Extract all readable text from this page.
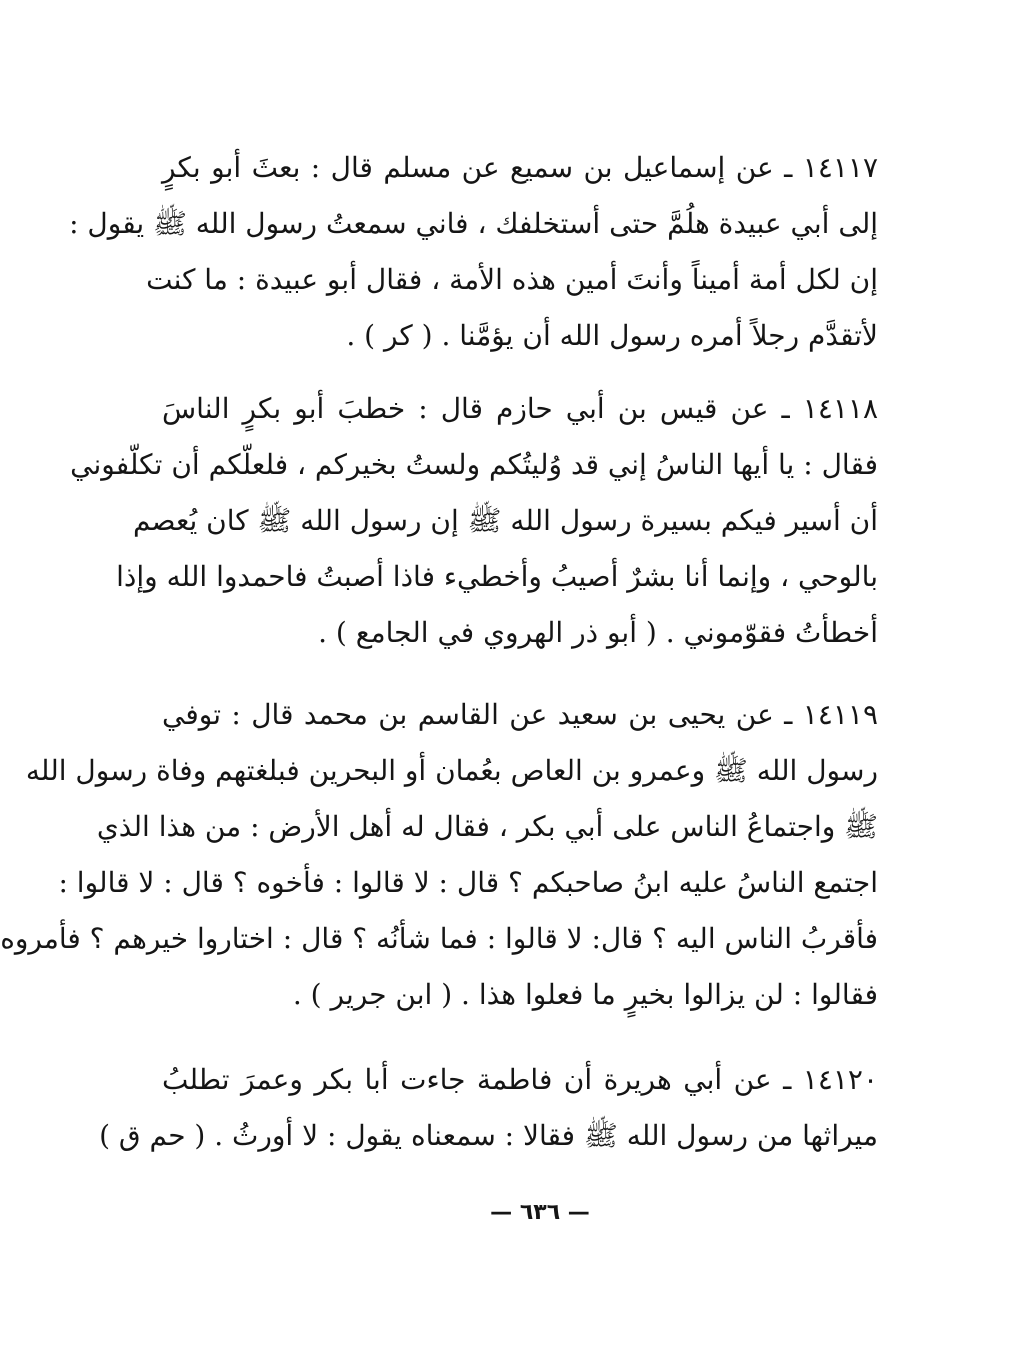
١٤١١٧ ـ عن إسماعيل بن سميع عن مسلم قال : بعثَ أبو بكرٍ
إلى أبي عبيدة هلُمَّ حتى أستخلفك ، فاني سمعتُ رسول الله ﷺ يقول :
إن لكل أمة أميناً وأنتَ أمين هذه الأمة ، فقال أبو عبيدة : ما كنت
لأتقدَّم رجلاً أمره رسول الله أن يؤمَّنا . ( كر ) .
١٤١١٨ ـ عن قيس بن أبي حازم قال : خطبَ أبو بكرٍ الناسَ
فقال : يا أيها الناسُ إني قد وُليتُكم ولستُ بخيركم ، فلعلّكم أن تكلّفوني
أن أسير فيكم بسيرة رسول الله ﷺ إن رسول الله ﷺ كان يُعصم
بالوحي ، وإنما أنا بشرٌ أصيبُ وأخطيء فاذا أصبتُ فاحمدوا الله وإذا
أخطأتُ فقوّموني . ( أبو ذر الهروي في الجامع ) .
١٤١١٩ ـ عن يحيى بن سعيد عن القاسم بن محمد قال : توفي
رسول الله ﷺ وعمرو بن العاص بعُمان أو البحرين فبلغتهم وفاة رسول الله
ﷺ واجتماعُ الناس على أبي بكر ، فقال له أهل الأرض : من هذا الذي
اجتمع الناسُ عليه ابنُ صاحبكم ؟ قال : لا قالوا : فأخوه ؟ قال : لا قالوا :
فأقربُ الناس اليه ؟ قال: لا قالوا : فما شأنُه ؟ قال : اختاروا خيرهم ؟ فأمروه
فقالوا : لن يزالوا بخيرٍ ما فعلوا هذا . ( ابن جرير ) .
١٤١٢٠ ـ عن أبي هريرة أن فاطمة جاءت أبا بكر وعمرَ تطلبُ
ميراثها من رسول الله ﷺ فقالا : سمعناه يقول : لا أورثُ . ( حم ق )
— ٦٣٦ —
